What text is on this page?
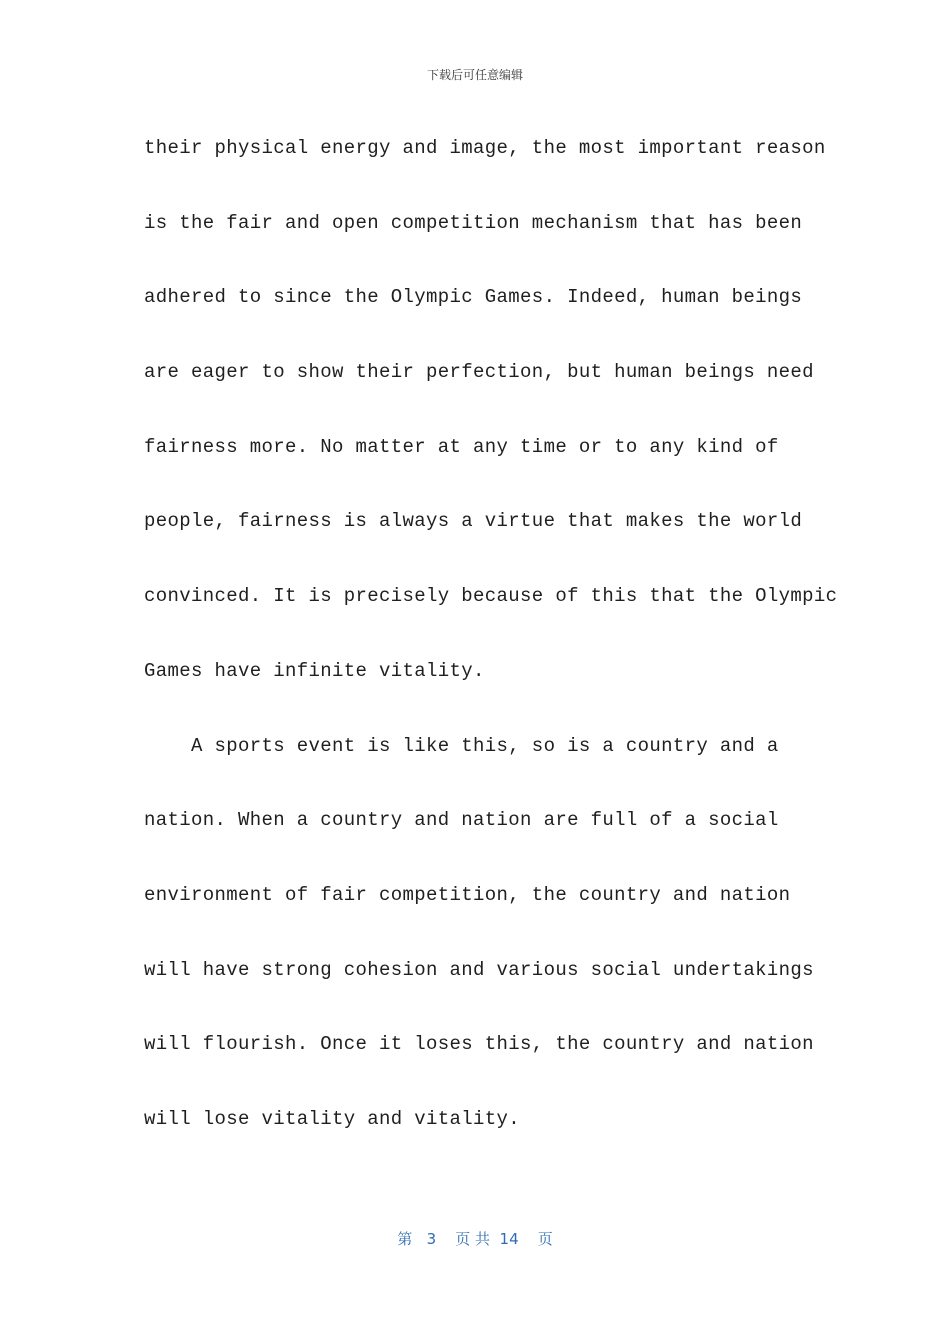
下载后可任意编辑
their physical energy and image, the most important reason
is the fair and open competition mechanism that has been
adhered to since the Olympic Games. Indeed, human beings
are eager to show their perfection, but human beings need
fairness more. No matter at any time or to any kind of
people, fairness is always a virtue that makes the world
convinced. It is precisely because of this that the Olympic
Games have infinite vitality.
A sports event is like this, so is a country and a
nation. When a country and nation are full of a social
environment of fair competition, the country and nation
will have strong cohesion and various social undertakings
will flourish. Once it loses this, the country and nation
will lose vitality and vitality.
第 3 页 共 14 页
